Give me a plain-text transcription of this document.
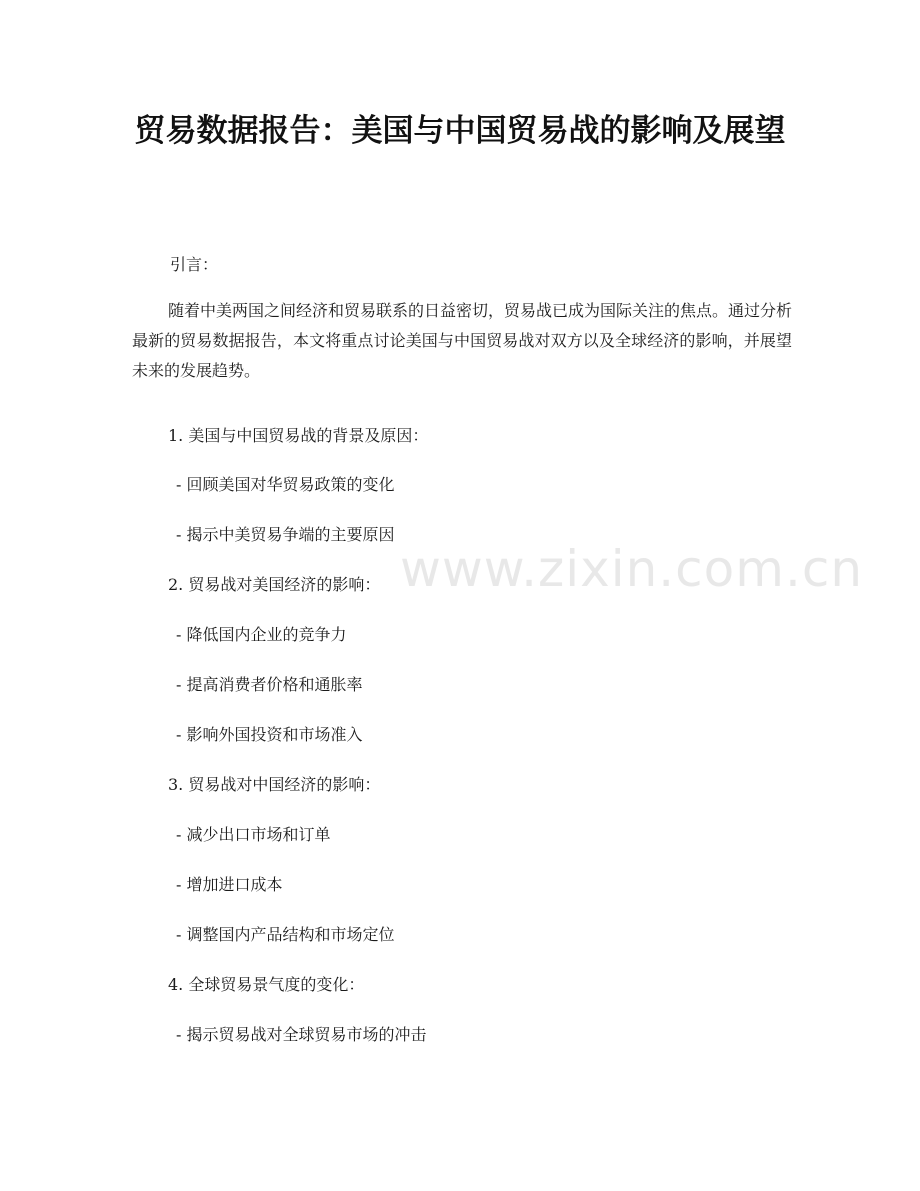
贸易数据报告：美国与中国贸易战的影响及展望

引言：

随着中美两国之间经济和贸易联系的日益密切，贸易战已成为国际关注的焦点。通过分析最新的贸易数据报告，本文将重点讨论美国与中国贸易战对双方以及全球经济的影响，并展望未来的发展趋势。

1. 美国与中国贸易战的背景及原因：

- 回顾美国对华贸易政策的变化

- 揭示中美贸易争端的主要原因

2. 贸易战对美国经济的影响：

- 降低国内企业的竞争力

- 提高消费者价格和通胀率

- 影响外国投资和市场准入

3. 贸易战对中国经济的影响：

- 减少出口市场和订单

- 增加进口成本

- 调整国内产品结构和市场定位

4. 全球贸易景气度的变化：

- 揭示贸易战对全球贸易市场的冲击

www.zixin.com.cn
